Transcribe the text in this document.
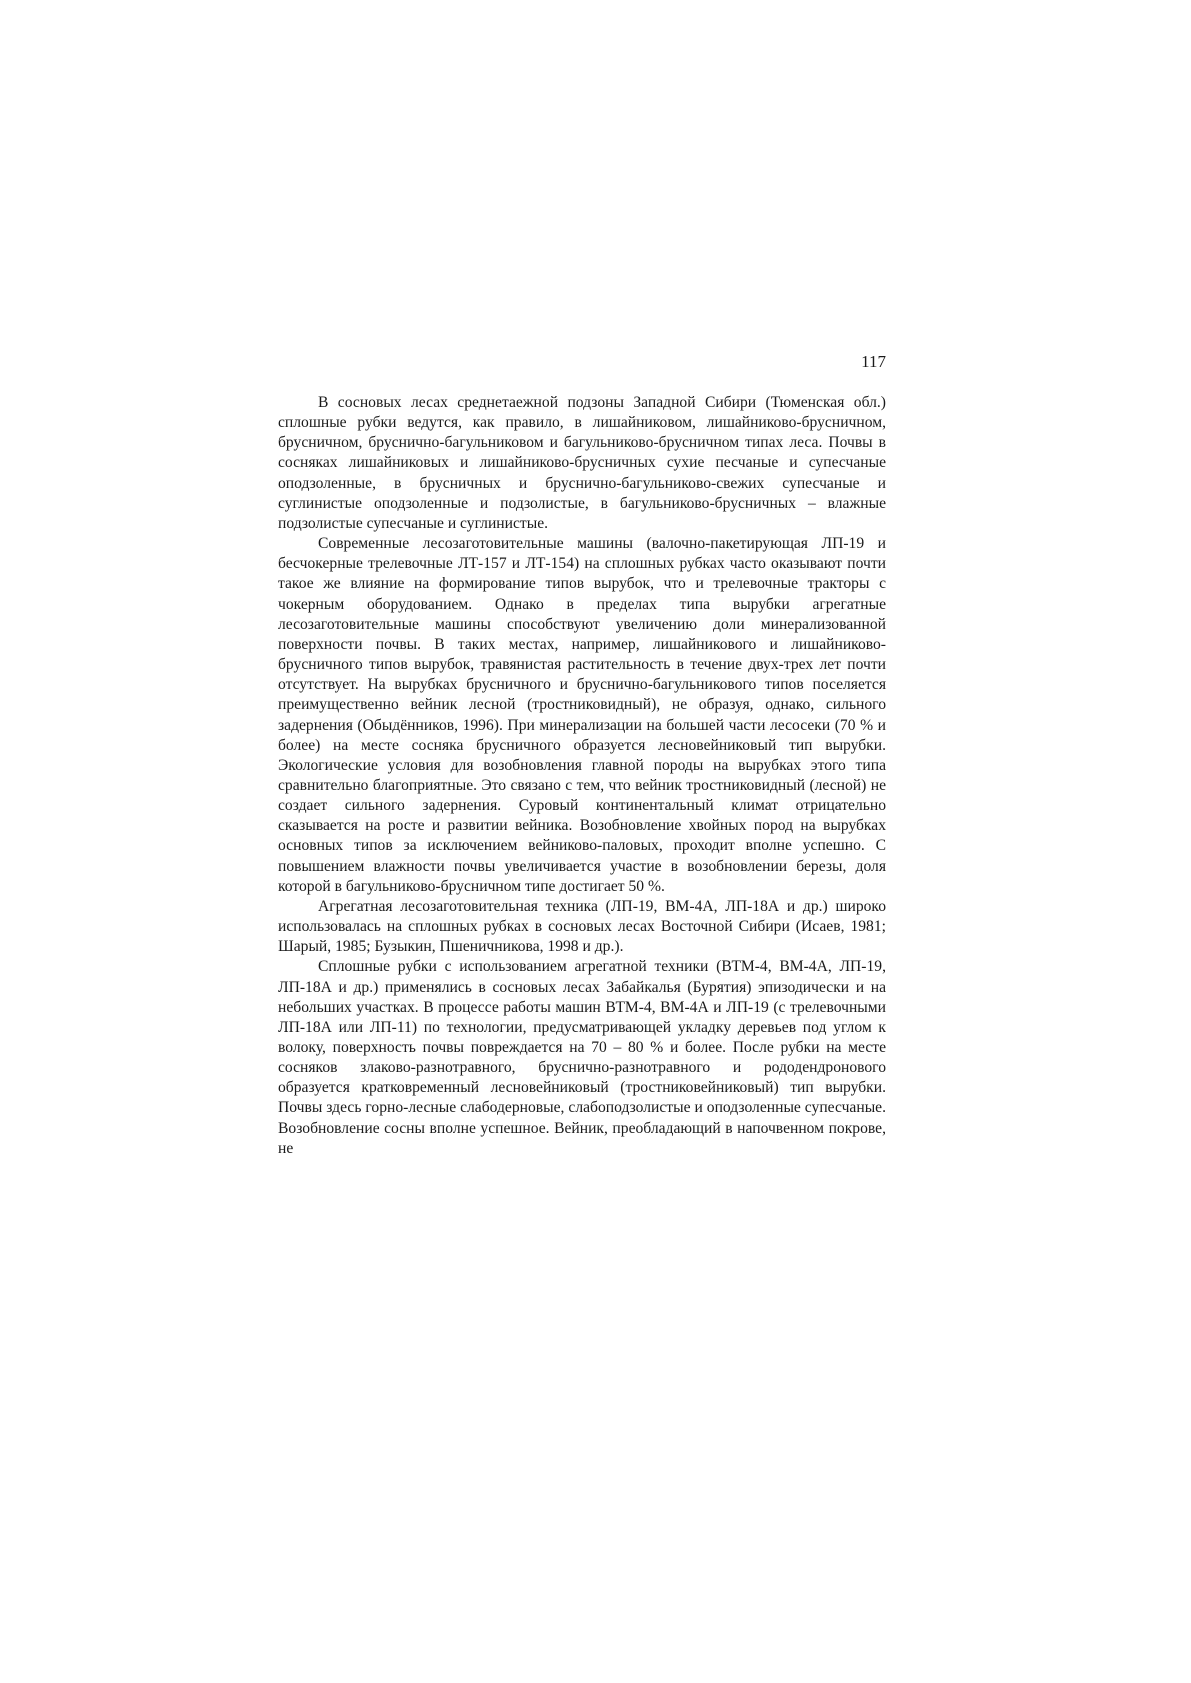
117

В сосновых лесах среднетаежной подзоны Западной Сибири (Тюменская обл.) сплошные рубки ведутся, как правило, в лишайниковом, лишайниково-брусничном, брусничном, бруснично-багульниковом и багульниково-брусничном типах леса. Почвы в сосняках лишайниковых и лишайниково-брусничных сухие песчаные и супесчаные оподзоленные, в брусничных и бруснично-багульниково-свежих супесчаные и суглинистые оподзоленные и подзолистые, в багульниково-брусничных – влажные подзолистые супесчаные и суглинистые.

Современные лесозаготовительные машины (валочно-пакетирующая ЛП-19 и бесчокерные трелевочные ЛТ-157 и ЛТ-154) на сплошных рубках часто оказывают почти такое же влияние на формирование типов вырубок, что и трелевочные тракторы с чокерным оборудованием. Однако в пределах типа вырубки агрегатные лесозаготовительные машины способствуют увеличению доли минерализованной поверхности почвы. В таких местах, например, лишайникового и лишайниково-брусничного типов вырубок, травянистая растительность в течение двух-трех лет почти отсутствует. На вырубках брусничного и бруснично-багульникового типов поселяется преимущественно вейник лесной (тростниковидный), не образуя, однако, сильного задернения (Обыдёнников, 1996). При минерализации на большей части лесосеки (70 % и более) на месте сосняка брусничного образуется лесновейниковый тип вырубки. Экологические условия для возобновления главной породы на вырубках этого типа сравнительно благоприятные. Это связано с тем, что вейник тростниковидный (лесной) не создает сильного задернения. Суровый континентальный климат отрицательно сказывается на росте и развитии вейника. Возобновление хвойных пород на вырубках основных типов за исключением вейниково-паловых, проходит вполне успешно. С повышением влажности почвы увеличивается участие в возобновлении березы, доля которой в багульниково-брусничном типе достигает 50 %.

Агрегатная лесозаготовительная техника (ЛП-19, ВМ-4А, ЛП-18А и др.) широко использовалась на сплошных рубках в сосновых лесах Восточной Сибири (Исаев, 1981; Шарый, 1985; Бузыкин, Пшеничникова, 1998 и др.).

Сплошные рубки с использованием агрегатной техники (ВТМ-4, ВМ-4А, ЛП-19, ЛП-18А и др.) применялись в сосновых лесах Забайкалья (Бурятия) эпизодически и на небольших участках. В процессе работы машин ВТМ-4, ВМ-4А и ЛП-19 (с трелевочными ЛП-18А или ЛП-11) по технологии, предусматривающей укладку деревьев под углом к волоку, поверхность почвы повреждается на 70 – 80 % и более. После рубки на месте сосняков злаково-разнотравного, бруснично-разнотравного и рододендронового образуется кратковременный лесновейниковый (тростниковейниковый) тип вырубки. Почвы здесь горно-лесные слабодерновые, слабоподзолистые и оподзоленные супесчаные. Возобновление сосны вполне успешное. Вейник, преобладающий в напочвенном покрове, не
